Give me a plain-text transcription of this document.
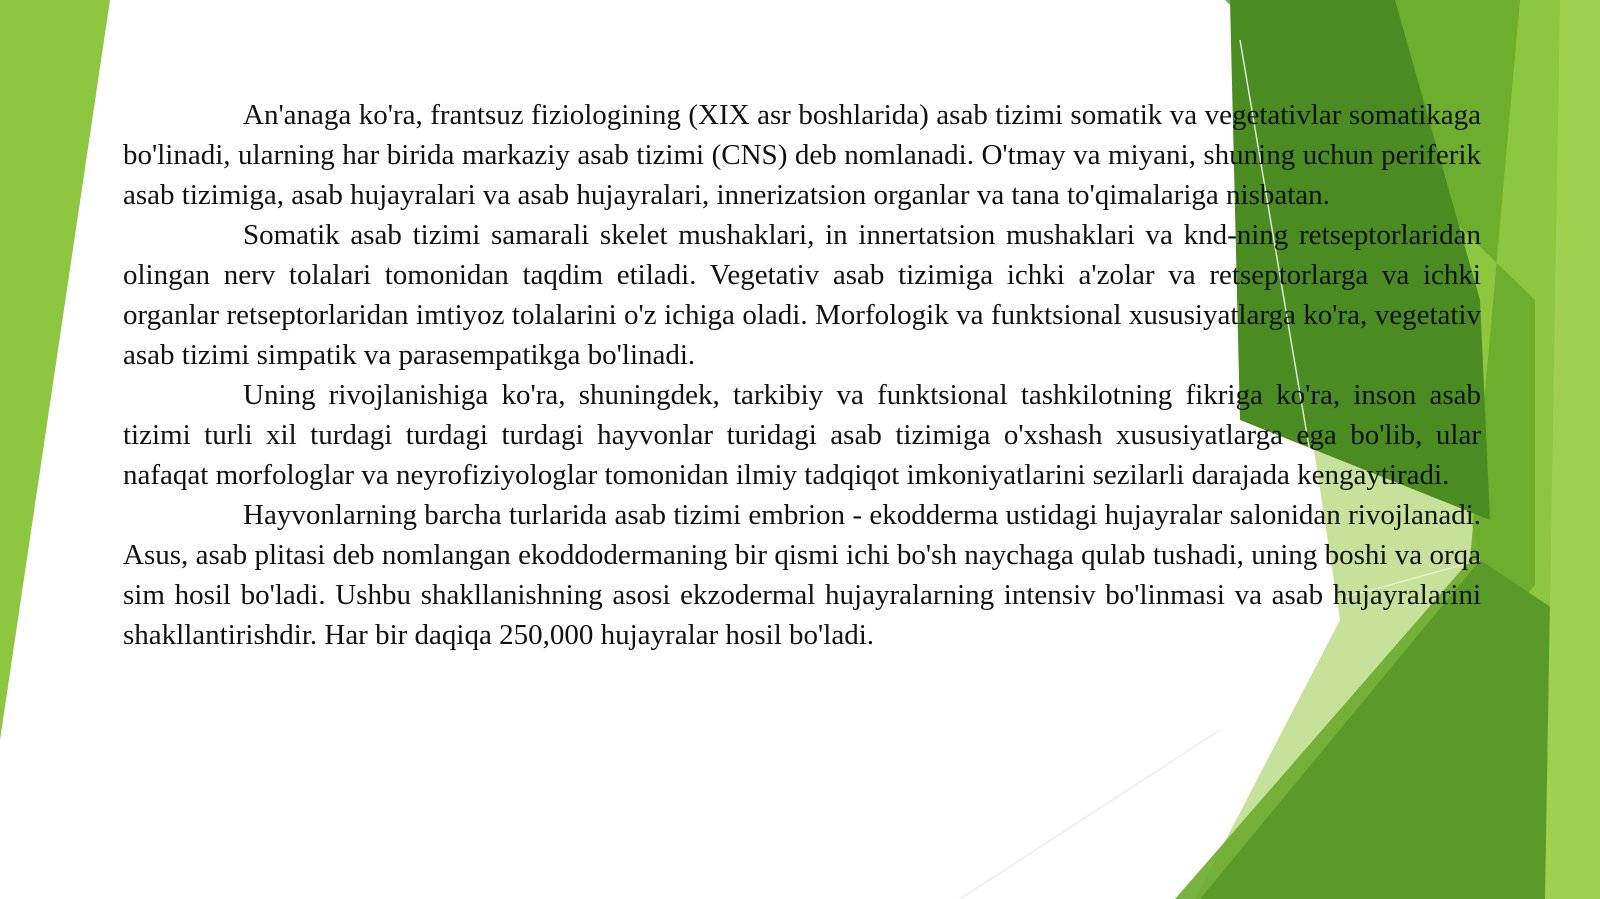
An'anaga ko'ra, frantsuz fiziologining (XIX asr boshlarida) asab tizimi somatik va vegetativlar somatikaga bo'linadi, ularning har birida markaziy asab tizimi (CNS) deb nomlanadi. O'tmay va miyani, shuning uchun periferik asab tizimiga, asab hujayralari va asab hujayralari, innerizatsion organlar va tana to'qimalariga nisbatan.

Somatik asab tizimi samarali skelet mushaklari, in innertatsion mushaklari va knd-ning retseptorlaridan olingan nerv tolalari tomonidan taqdim etiladi. Vegetativ asab tizimiga ichki a'zolar va retseptorlarga va ichki organlar retseptorlaridan imtiyoz tolalarini o'z ichiga oladi. Morfologik va funktsional xususiyatlarga ko'ra, vegetativ asab tizimi simpatik va parasempatikga bo'linadi.

Uning rivojlanishiga ko'ra, shuningdek, tarkibiy va funktsional tashkilotning fikriga ko'ra, inson asab tizimi turli xil turdagi turdagi turdagi hayvonlar turidagi asab tizimiga o'xshash xususiyatlarga ega bo'lib, ular nafaqat morfologlar va neyrofiziyologlar tomonidan ilmiy tadqiqot imkoniyatlarini sezilarli darajada kengaytiradi.

Hayvonlarning barcha turlarida asab tizimi embrion - ekodderma ustidagi hujayralar salonidan rivojlanadi. Asus, asab plitasi deb nomlangan ekoddodermaning bir qismi ichi bo'sh naychaga qulab tushadi, uning boshi va orqa sim hosil bo'ladi. Ushbu shakllanishning asosi ekzodermal hujayralarning intensiv bo'linmasi va asab hujayralarini shakllantirishdir. Har bir daqiqa 250,000 hujayralar hosil bo'ladi.
